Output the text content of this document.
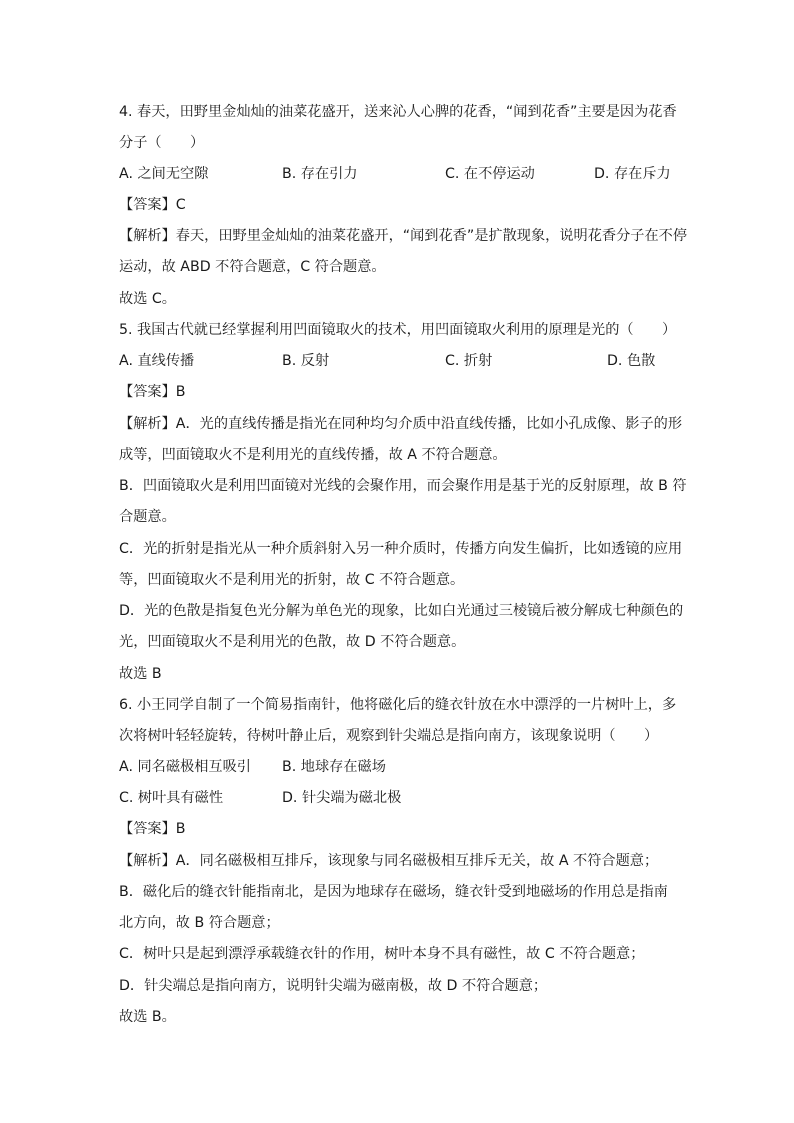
4. 春天，田野里金灿灿的油菜花盛开，送来沁人心脾的花香，“闻到花香”主要是因为花香
分子（　　）
A. 之间无空隙	B. 存在引力	C. 在不停运动	D. 存在斥力
【答案】C
【解析】春天，田野里金灿灿的油菜花盛开，“闻到花香”是扩散现象，说明花香分子在不停
运动，故 ABD 不符合题意，C 符合题意。
故选 C。
5. 我国古代就已经掌握利用凹面镜取火的技术，用凹面镜取火利用的原理是光的（　　）
A. 直线传播	B. 反射	C. 折射	D. 色散
【答案】B
【解析】A．光的直线传播是指光在同种均匀介质中沿直线传播，比如小孔成像、影子的形
成等，凹面镜取火不是利用光的直线传播，故 A 不符合题意。
B．凹面镜取火是利用凹面镜对光线的会聚作用，而会聚作用是基于光的反射原理，故 B 符
合题意。
C．光的折射是指光从一种介质斜射入另一种介质时，传播方向发生偏折，比如透镜的应用
等，凹面镜取火不是利用光的折射，故 C 不符合题意。
D．光的色散是指复色光分解为单色光的现象，比如白光通过三棱镜后被分解成七种颜色的
光，凹面镜取火不是利用光的色散，故 D 不符合题意。
故选 B
6. 小王同学自制了一个简易指南针，他将磁化后的缝衣针放在水中漂浮的一片树叶上，多
次将树叶轻轻旋转，待树叶静止后，观察到针尖端总是指向南方，该现象说明（　　）
A. 同名磁极相互吸引 B. 地球存在磁场
C. 树叶具有磁性	D. 针尖端为磁北极
【答案】B
【解析】A．同名磁极相互排斥，该现象与同名磁极相互排斥无关，故 A 不符合题意；
B．磁化后的缝衣针能指南北，是因为地球存在磁场，缝衣针受到地磁场的作用总是指南
北方向，故 B 符合题意；
C．树叶只是起到漂浮承载缝衣针的作用，树叶本身不具有磁性，故 C 不符合题意；
D．针尖端总是指向南方，说明针尖端为磁南极，故 D 不符合题意；
故选 B。
